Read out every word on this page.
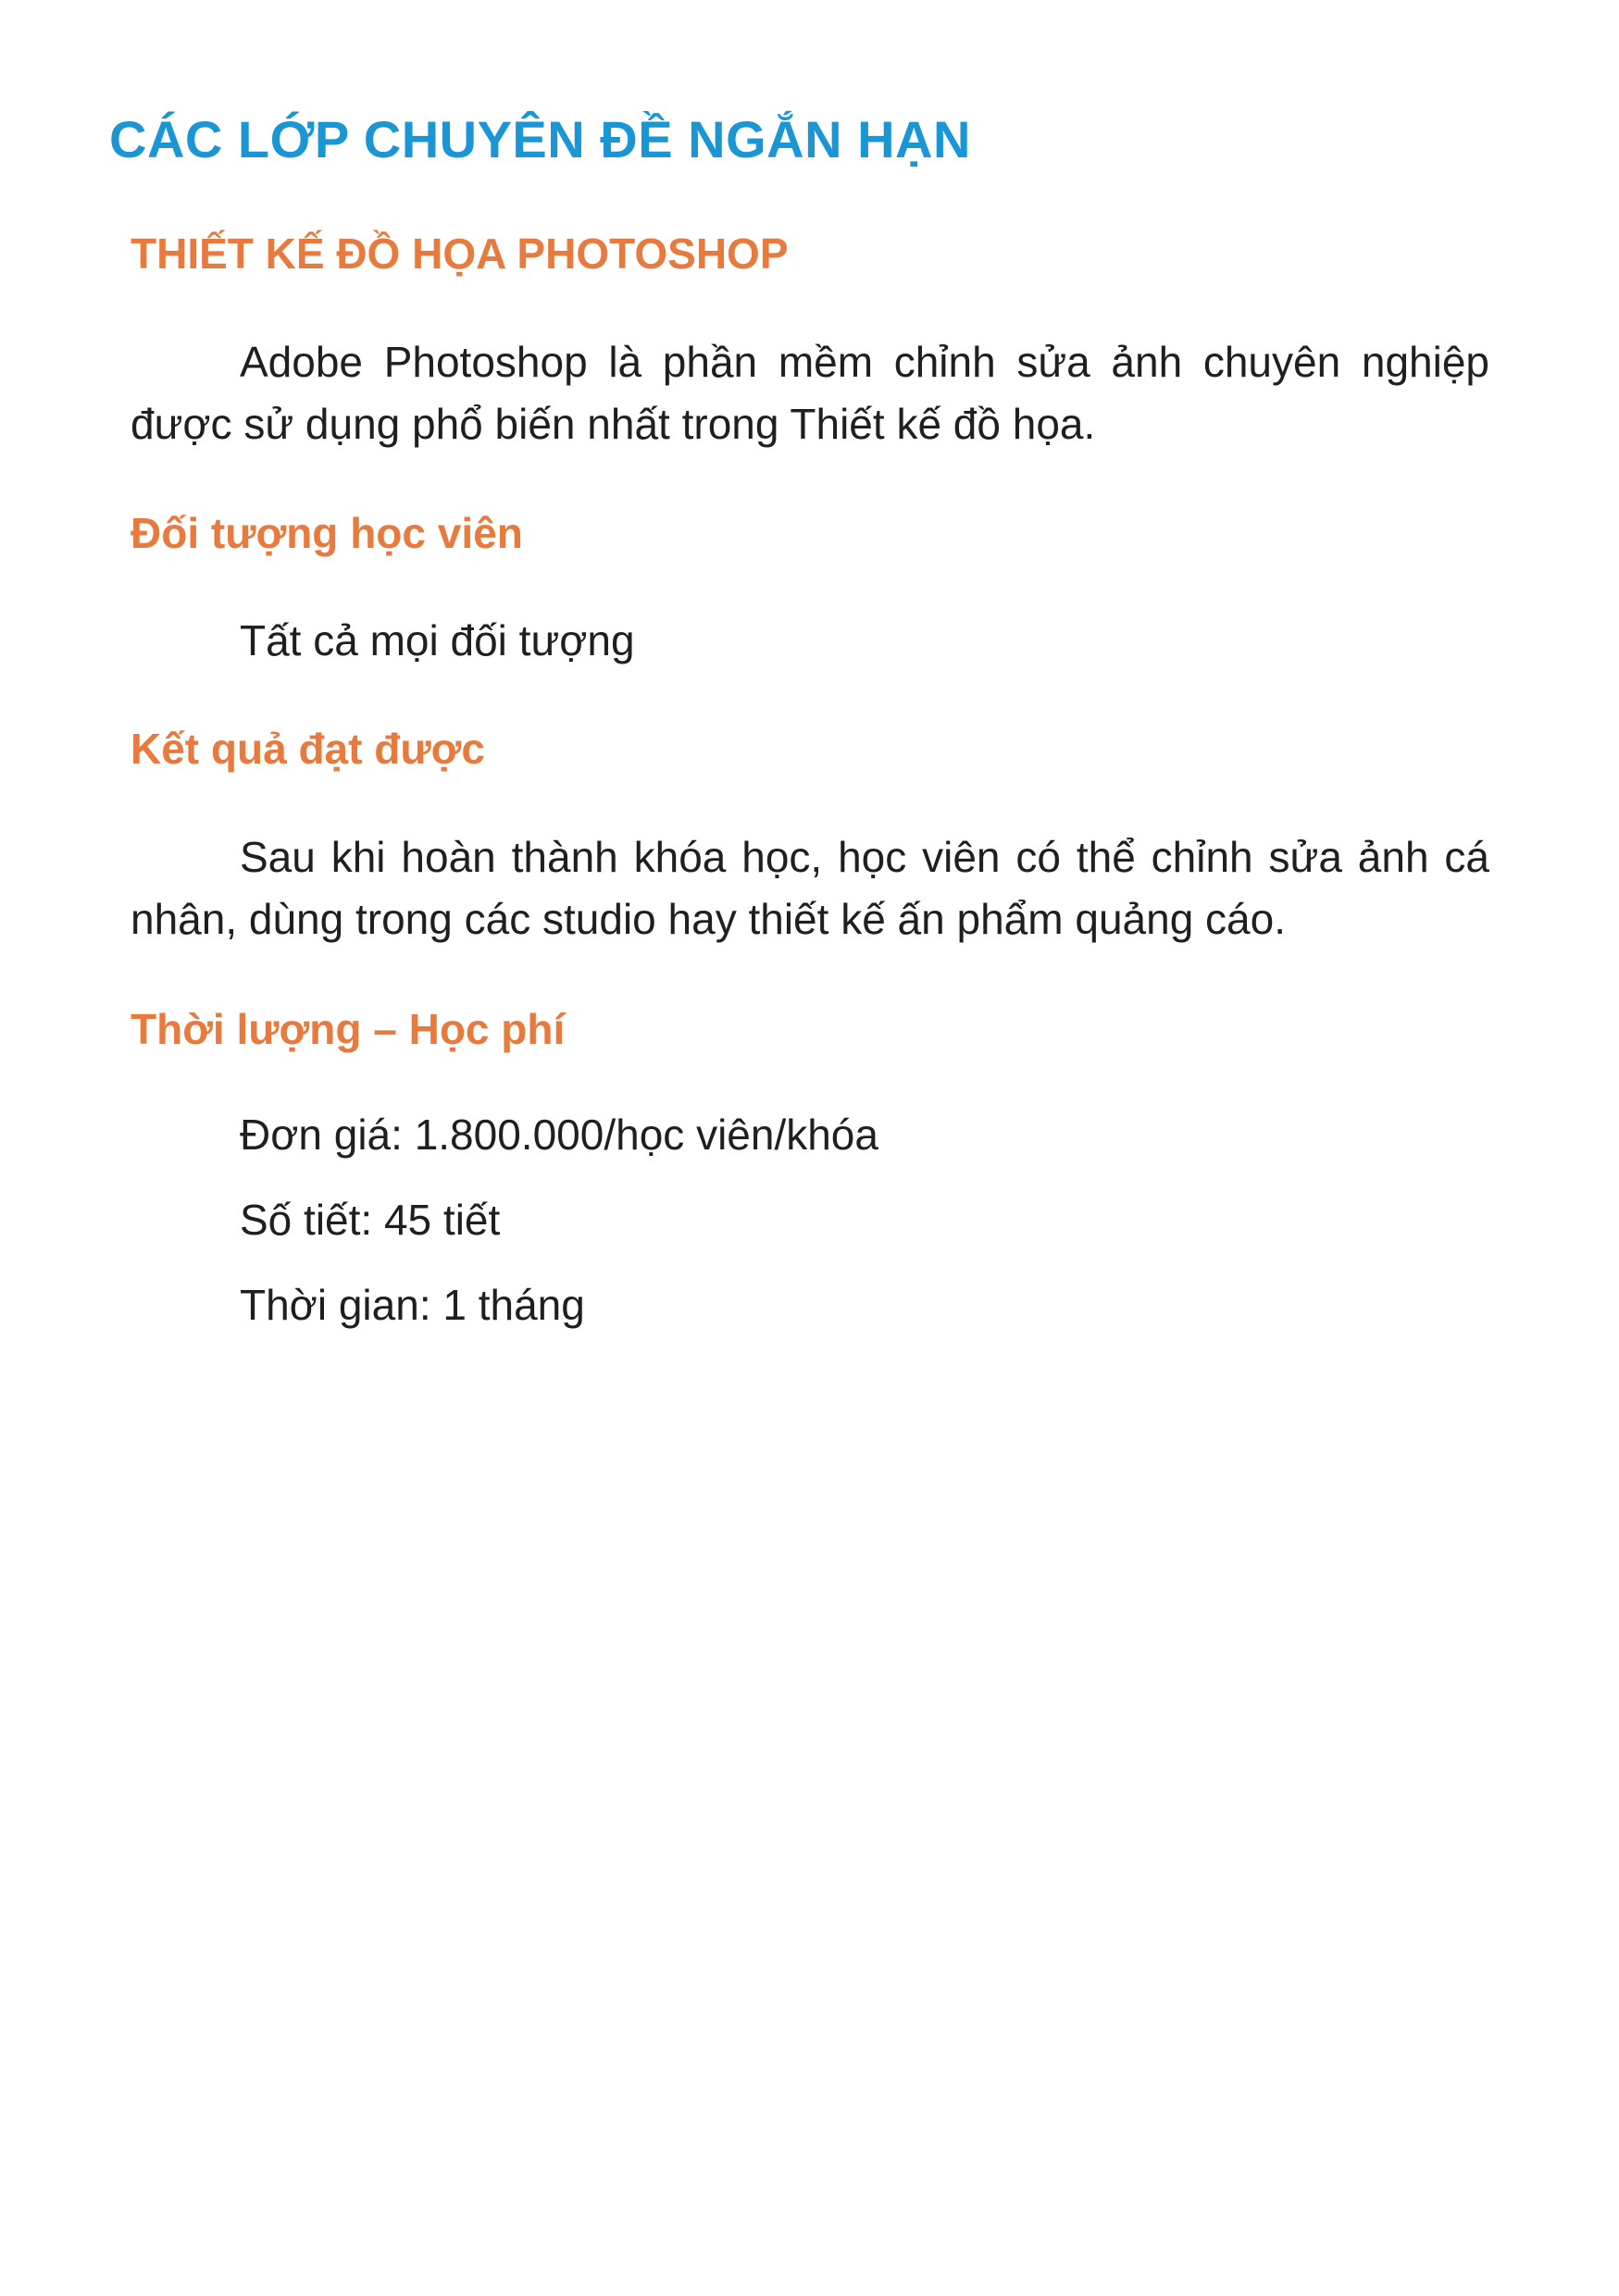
CÁC LỚP CHUYÊN ĐỀ NGẮN HẠN
THIẾT KẾ ĐỒ HỌA PHOTOSHOP

Adobe Photoshop là phần mềm chỉnh sửa ảnh chuyên nghiệp được sử dụng phổ biến nhất trong Thiết kế đồ họa.

Đối tượng học viên

Tất cả mọi đối tượng

Kết quả đạt được

Sau khi hoàn thành khóa học, học viên có thể chỉnh sửa ảnh cá nhân, dùng trong các studio hay thiết kế ấn phẩm quảng cáo.

Thời lượng – Học phí

Đơn giá: 1.800.000/học viên/khóa

Số tiết: 45 tiết

Thời gian: 1 tháng
